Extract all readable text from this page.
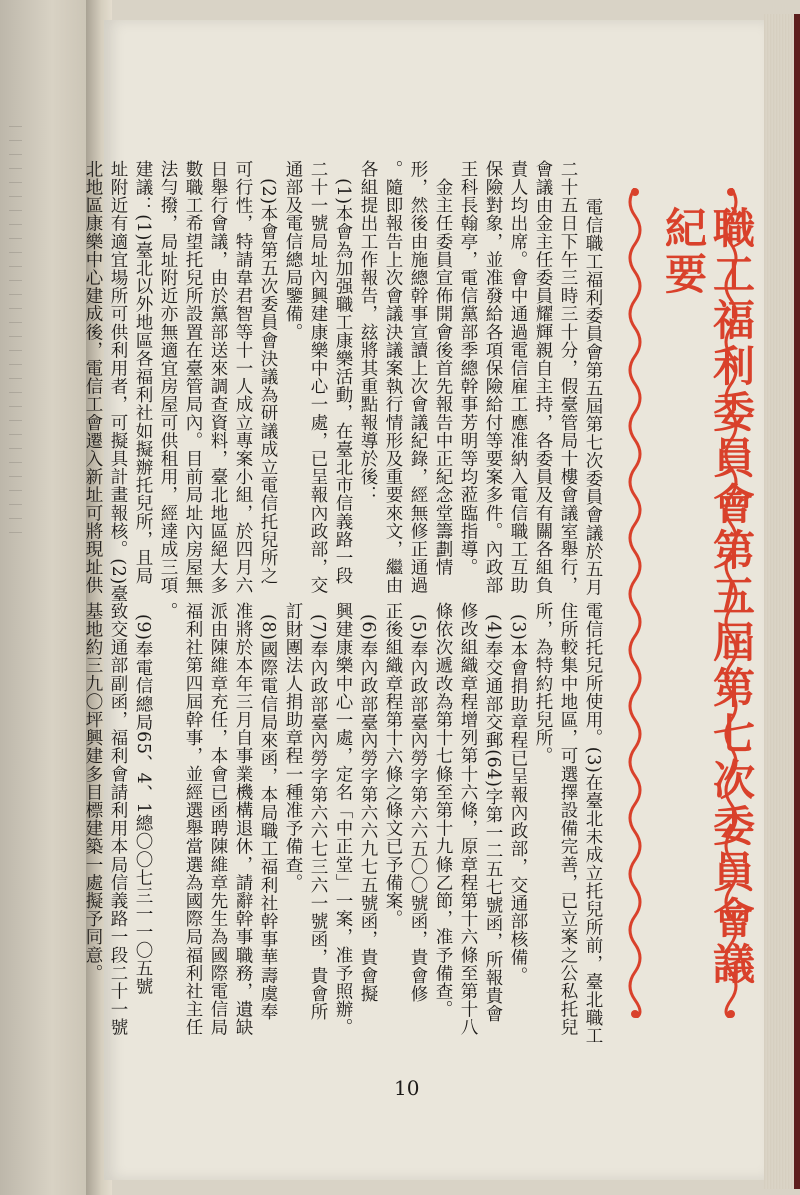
｜｜｜｜｜｜｜｜｜｜｜｜｜｜｜｜｜｜｜｜｜｜｜｜｜｜｜｜｜｜	職工福利委員會第五屆第七次委員會議紀要
　電信職工福利委員會第五屆第七次委員會議於五月
二十五日下午三時三十分，假臺管局十樓會議室舉行，
會議由金主任委員耀輝親自主持，各委員及有關各組負
責人均出席。會中通過電信雇工應准納入電信職工互助
保險對象，並准發給各項保險給付等要案多件。內政部
王科長翰亭，電信黨部季總幹事芳明等均蒞臨指導。
　金主任委員宣佈開會後首先報告中正紀念堂籌劃情
形，然後由施總幹事宣讀上次會議紀錄，經無修正通過
。隨即報告上次會議決議案執行情形及重要來文，繼由
各組提出工作報告，玆將其重點報導於後：
　(1)本會為加强職工康樂活動，在臺北市信義路一段
二十一號局址內興建康樂中心一處，已呈報內政部，交
通部及電信總局鑒備。
　(2)本會第五次委員會決議為研議成立電信托兒所之
可行性，特請韋君智等十一人成立專案小組，於四月六
日舉行會議，由於黨部送來調查資料，臺北地區絕大多
數職工希望托兒所設置在臺管局內。目前局址內房屋無
法勻撥，局址附近亦無適宜房屋可供租用，經達成三項
建議：(1)臺北以外地區各福利社如擬辦托兒所，且局
址附近有適宜場所可供利用者，可擬具計畫報核。(2)臺
北地區康樂中心建成後，電信工會遷入新址可將現址供
電信托兒所使用。(3)在臺北未成立托兒所前，臺北職工
住所較集中地區，可選擇設備完善，已立案之公私托兒
所，為特約托兒所。
(3)本會捐助章程已呈報內政部，交通部核備。
(4)奉交通部交郵(64)字第一二五七號函，所報貴會
修改組織章程增列第十六條，原章程第十六條至第十八
條依次遞改為第十七條至第十九條乙節，准予備查。
(5)奉內政部臺內勞字第六六五〇〇號函，貴會修
正後組織章程第十六條之條文已予備案。
(6)奉內政部臺內勞字第六六九七五號函，貴會擬
興建康樂中心一處，定名「中正堂」一案，准予照辦。
(7)奉內政部臺內勞字第六六七三六一號函，貴會所
訂財團法人捐助章程一種准予備查。
(8)國際電信局來函，本局職工福利社幹事華壽虞奉
准將於本年三月自事業機構退休，請辭幹事職務，遺缺
派由陳維章充任，本會已函聘陳維章先生為國際電信局
福利社第四屆幹事，並經選舉當選為國際局福利社主任
。
(9)奉電信總局65、4、1總〇〇七三一一〇五號
致交通部副函，福利會請利用本局信義路一段二十一號
基地約三九〇坪興建多目標建築一處擬予同意。
10
